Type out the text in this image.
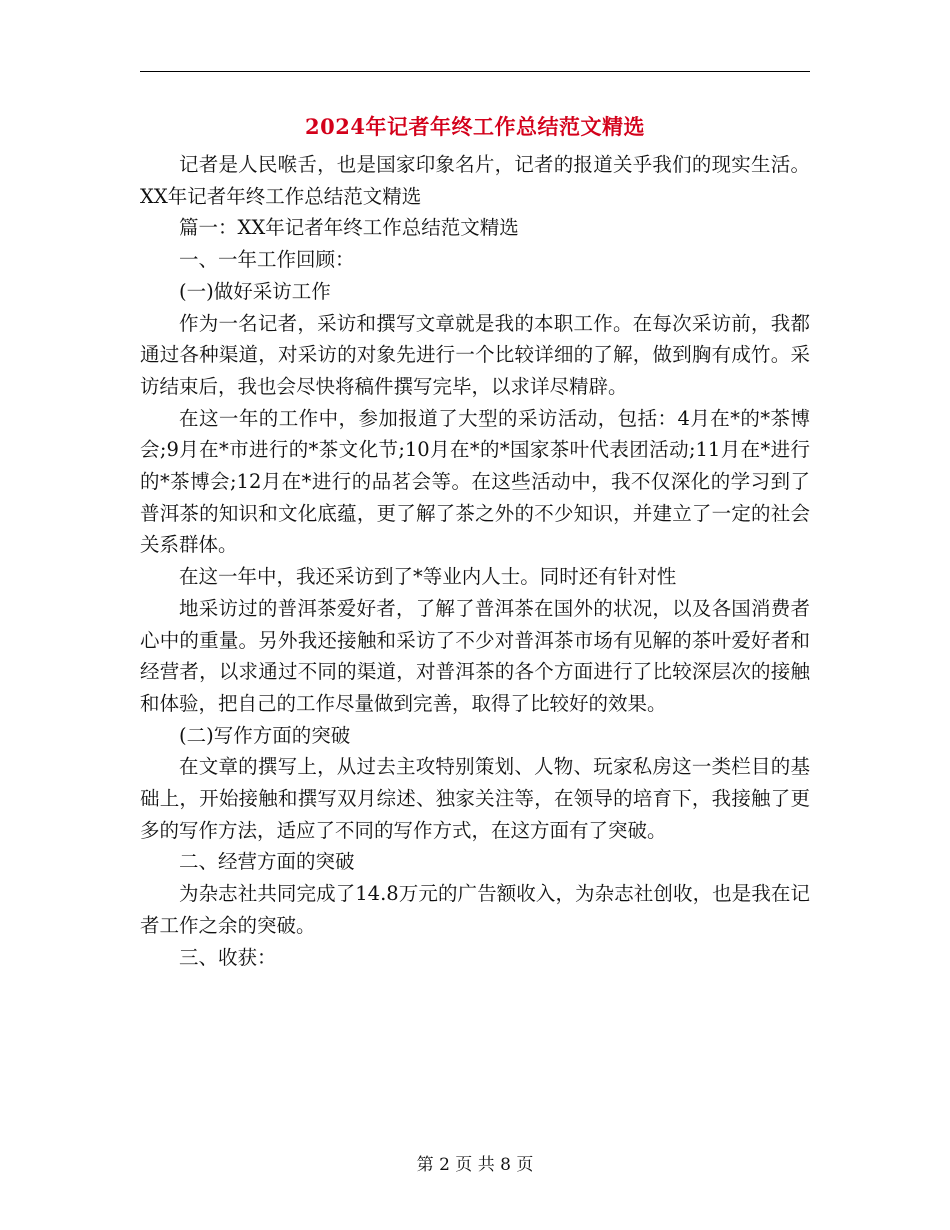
2024年记者年终工作总结范文精选

记者是人民喉舌，也是国家印象名片，记者的报道关乎我们的现实生活。XX年记者年终工作总结范文精选

篇一：XX年记者年终工作总结范文精选

一、一年工作回顾：

(一)做好采访工作

作为一名记者，采访和撰写文章就是我的本职工作。在每次采访前，我都通过各种渠道，对采访的对象先进行一个比较详细的了解，做到胸有成竹。采访结束后，我也会尽快将稿件撰写完毕，以求详尽精辟。

在这一年的工作中，参加报道了大型的采访活动，包括：4月在*的*茶博会;9月在*市进行的*茶文化节;10月在*的*国家茶叶代表团活动;11月在*进行的*茶博会;12月在*进行的品茗会等。在这些活动中，我不仅深化的学习到了普洱茶的知识和文化底蕴，更了解了茶之外的不少知识，并建立了一定的社会关系群体。

在这一年中，我还采访到了*等业内人士。同时还有针对性

地采访过的普洱茶爱好者，了解了普洱茶在国外的状况，以及各国消费者心中的重量。另外我还接触和采访了不少对普洱茶市场有见解的茶叶爱好者和经营者，以求通过不同的渠道，对普洱茶的各个方面进行了比较深层次的接触和体验，把自己的工作尽量做到完善，取得了比较好的效果。

(二)写作方面的突破

在文章的撰写上，从过去主攻特别策划、人物、玩家私房这一类栏目的基础上，开始接触和撰写双月综述、独家关注等，在领导的培育下，我接触了更多的写作方法，适应了不同的写作方式，在这方面有了突破。

二、经营方面的突破

为杂志社共同完成了14.8万元的广告额收入，为杂志社创收，也是我在记者工作之余的突破。

三、收获：

第 2 页 共 8 页
